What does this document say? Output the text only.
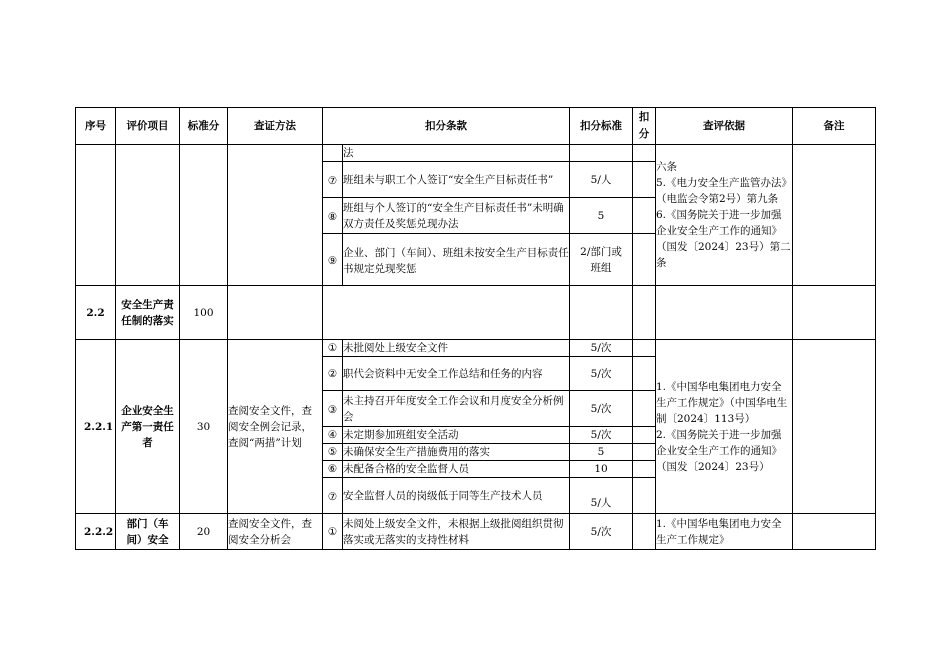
序号	评价项目	标准分	查证方法	扣分条款		扣分标准	扣分	查评依据	备注
					法			六条
5.《电力安全生产监管办法》（电监会令第2号）第九条
6.《国务院关于进一步加强企业安全生产工作的通知》（国发〔2024〕23号）第二条	

				⑦	班组未与职工个人签订“安全生产目标责任书”	5/人			
				⑧	班组与个人签订的“安全生产目标责任书”未明确双方责任及奖惩兑现办法	5			
				⑨	企业、部门（车间）、班组未按安全生产目标责任书规定兑现奖惩	2/部门或班组			
2.2	安全生产责任制的落实	100							
2.2.1	企业安全生产第一责任者	30	查阅安全文件，查阅安全例会记录，查阅“两措”计划	①	未批阅处上级安全文件	5/次		1.《中国华电集团电力安全生产工作规定》（中国华电生制〔2024〕113号）
2.《国务院关于进一步加强企业安全生产工作的通知》（国发〔2024〕23号）	

				②	职代会资料中无安全工作总结和任务的内容	5/次			
				③	未主持召开年度安全工作会议和月度安全分析例会	5/次			
				④	未定期参加班组安全活动	5/次			
				⑤	未确保安全生产措施费用的落实	5			
				⑥	未配备合格的安全监督人员	10			
				⑦	安全监督人员的岗级低于同等生产技术人员	5/人			
2.2.2	部门（车间）安全	20	查阅安全文件，查阅安全分析会	①	未阅处上级安全文件，未根据上级批阅组织贯彻落实或无落实的支持性材料	5/次		1.《中国华电集团电力安全生产工作规定》	
